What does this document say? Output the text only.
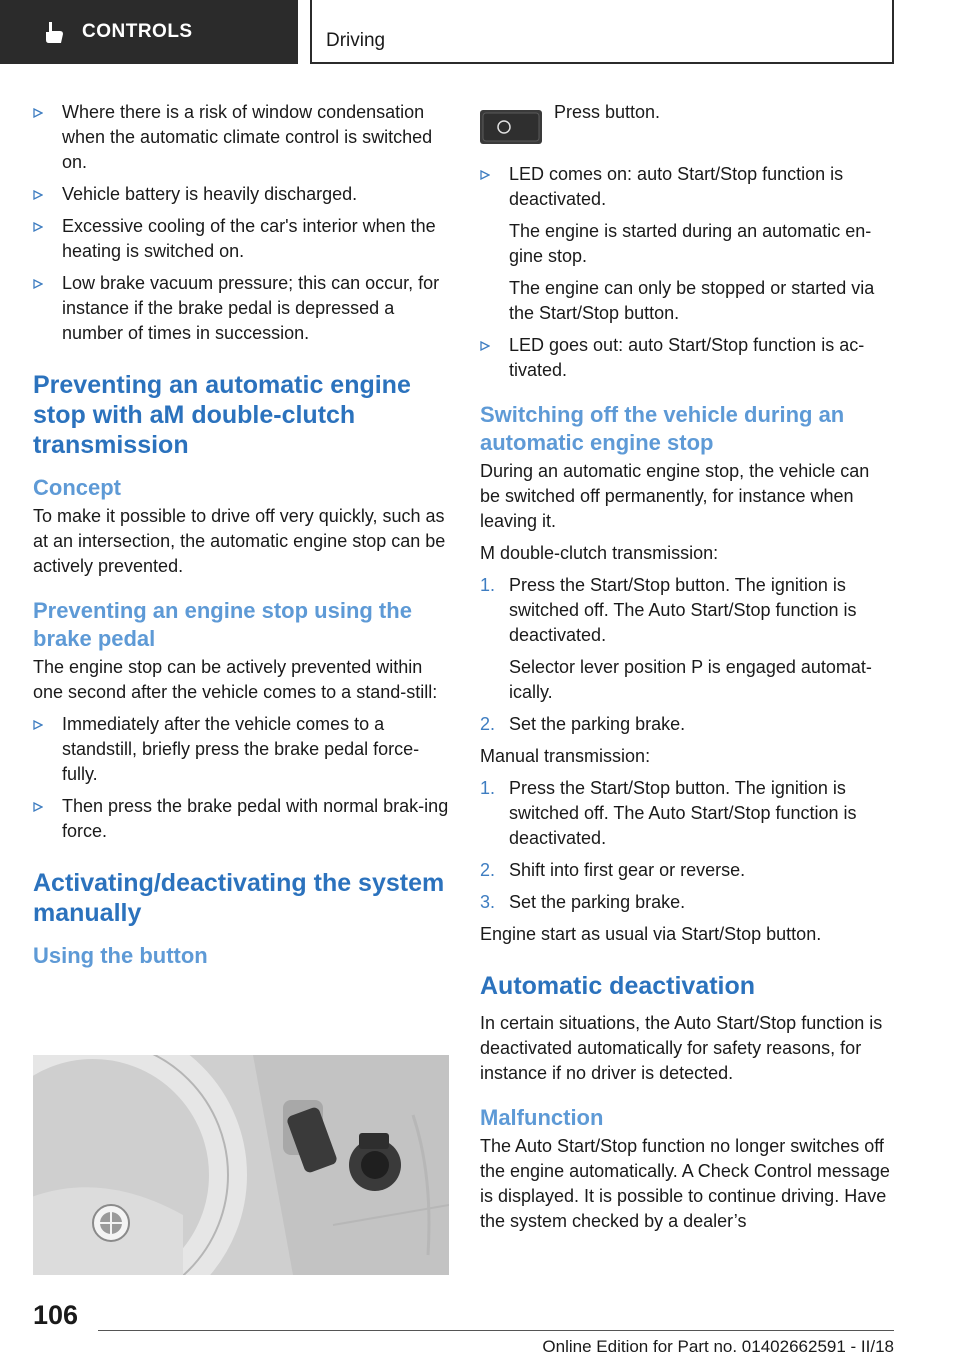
CONTROLS	Driving

Where there is a risk of window condensation when the automatic climate control is switched on.

Vehicle battery is heavily discharged.

Excessive cooling of the car's interior when the heating is switched on.

Low brake vacuum pressure; this can occur, for instance if the brake pedal is depressed a number of times in succession.

Preventing an automatic engine stop with aM double-clutch transmission
Concept

To make it possible to drive off very quickly, such as at an intersection, the automatic engine stop can be actively prevented.

Preventing an engine stop using the brake pedal

The engine stop can be actively prevented within one second after the vehicle comes to a stand-still:

Immediately after the vehicle comes to a standstill, briefly press the brake pedal force-fully.

Then press the brake pedal with normal brak-ing force.

Activating/deactivating the system manually
Using the button
Press button.

LED comes on: auto Start/Stop function is deactivated.

The engine is started during an automatic en-gine stop.

The engine can only be stopped or started via the Start/Stop button.

LED goes out: auto Start/Stop function is ac-tivated.

Switching off the vehicle during an automatic engine stop

During an automatic engine stop, the vehicle can be switched off permanently, for instance when leaving it.

M double-clutch transmission:

1. Press the Start/Stop button. The ignition is switched off. The Auto Start/Stop function is deactivated.

Selector lever position P is engaged automat-ically.

2. Set the parking brake.

Manual transmission:

1. Press the Start/Stop button. The ignition is switched off. The Auto Start/Stop function is deactivated.

2. Shift into first gear or reverse.

3. Set the parking brake.

Engine start as usual via Start/Stop button.

Automatic deactivation

In certain situations, the Auto Start/Stop function is deactivated automatically for safety reasons, for instance if no driver is detected.

Malfunction

The Auto Start/Stop function no longer switches off the engine automatically. A Check Control message is displayed. It is possible to continue driving. Have the system checked by a dealer’s

106
Online Edition for Part no. 01402662591 - II/18
